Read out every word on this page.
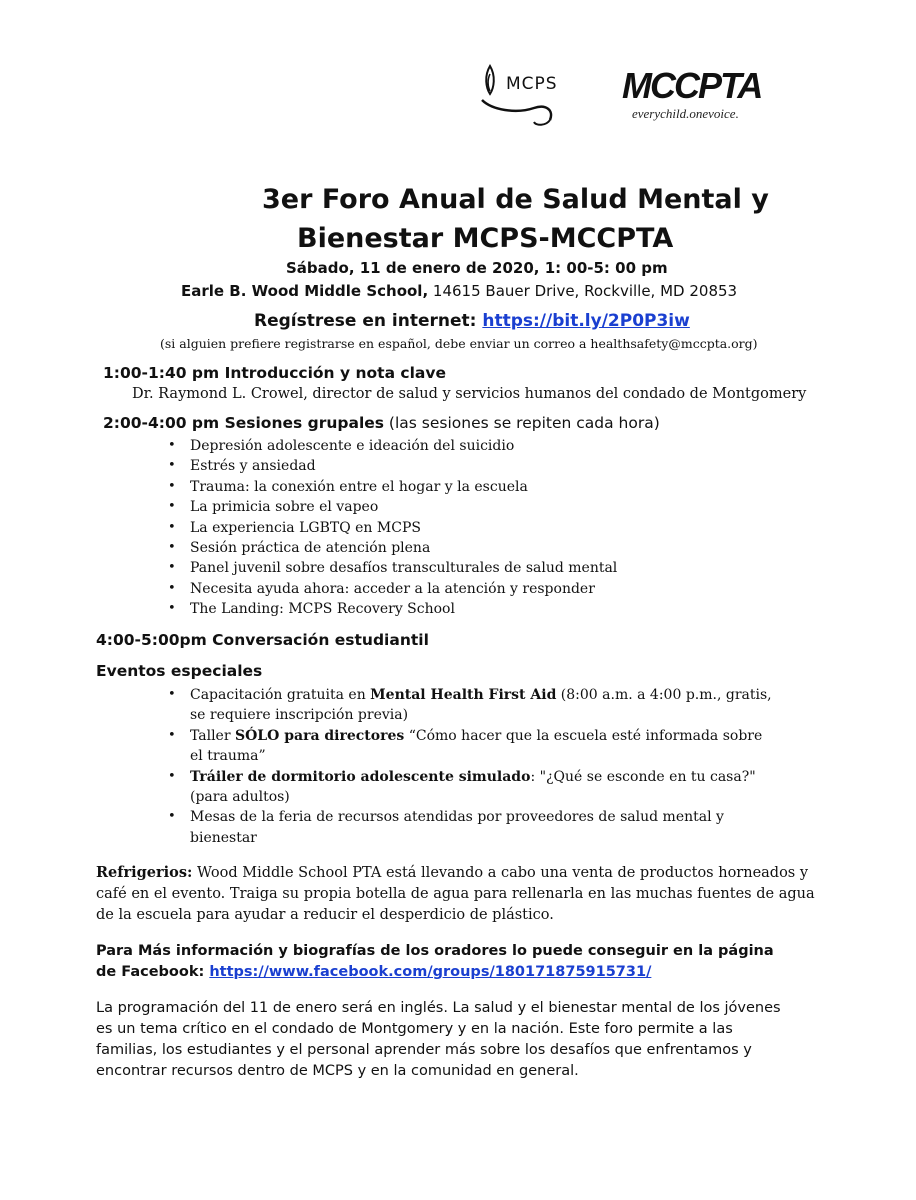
MCPS MCCPTA
everychild.onevoice.
3er Foro Anual de Salud Mental y
Bienestar MCPS-MCCPTA
Sábado, 11 de enero de 2020, 1: 00-5: 00 pm
Earle B. Wood Middle School, 14615 Bauer Drive, Rockville, MD 20853
Regístrese en internet: https://bit.ly/2P0P3iw
(si alguien prefiere registrarse en español, debe enviar un correo a healthsafety@mccpta.org)
1:00-1:40 pm Introducción y nota clave
Dr. Raymond L. Crowel, director de salud y servicios humanos del condado de Montgomery
2:00-4:00 pm Sesiones grupales (las sesiones se repiten cada hora)
• Depresión adolescente e ideación del suicidio
• Estrés y ansiedad
• Trauma: la conexión entre el hogar y la escuela
• La primicia sobre el vapeo
• La experiencia LGBTQ en MCPS
• Sesión práctica de atención plena
• Panel juvenil sobre desafíos transculturales de salud mental
• Necesita ayuda ahora: acceder a la atención y responder
• The Landing: MCPS Recovery School
4:00-5:00pm Conversación estudiantil
Eventos especiales
• Capacitación gratuita en Mental Health First Aid (8:00 a.m. a 4:00 p.m., gratis, se requiere inscripción previa)
• Taller SÓLO para directores “Cómo hacer que la escuela esté informada sobre el trauma”
• Tráiler de dormitorio adolescente simulado: "¿Qué se esconde en tu casa?" (para adultos)
• Mesas de la feria de recursos atendidas por proveedores de salud mental y bienestar
Refrigerios: Wood Middle School PTA está llevando a cabo una venta de productos horneados y café en el evento. Traiga su propia botella de agua para rellenarla en las muchas fuentes de agua de la escuela para ayudar a reducir el desperdicio de plástico.
Para Más información y biografías de los oradores lo puede conseguir en la página de Facebook: https://www.facebook.com/groups/180171875915731/
La programación del 11 de enero será en inglés. La salud y el bienestar mental de los jóvenes es un tema crítico en el condado de Montgomery y en la nación. Este foro permite a las familias, los estudiantes y el personal aprender más sobre los desafíos que enfrentamos y encontrar recursos dentro de MCPS y en la comunidad en general.
